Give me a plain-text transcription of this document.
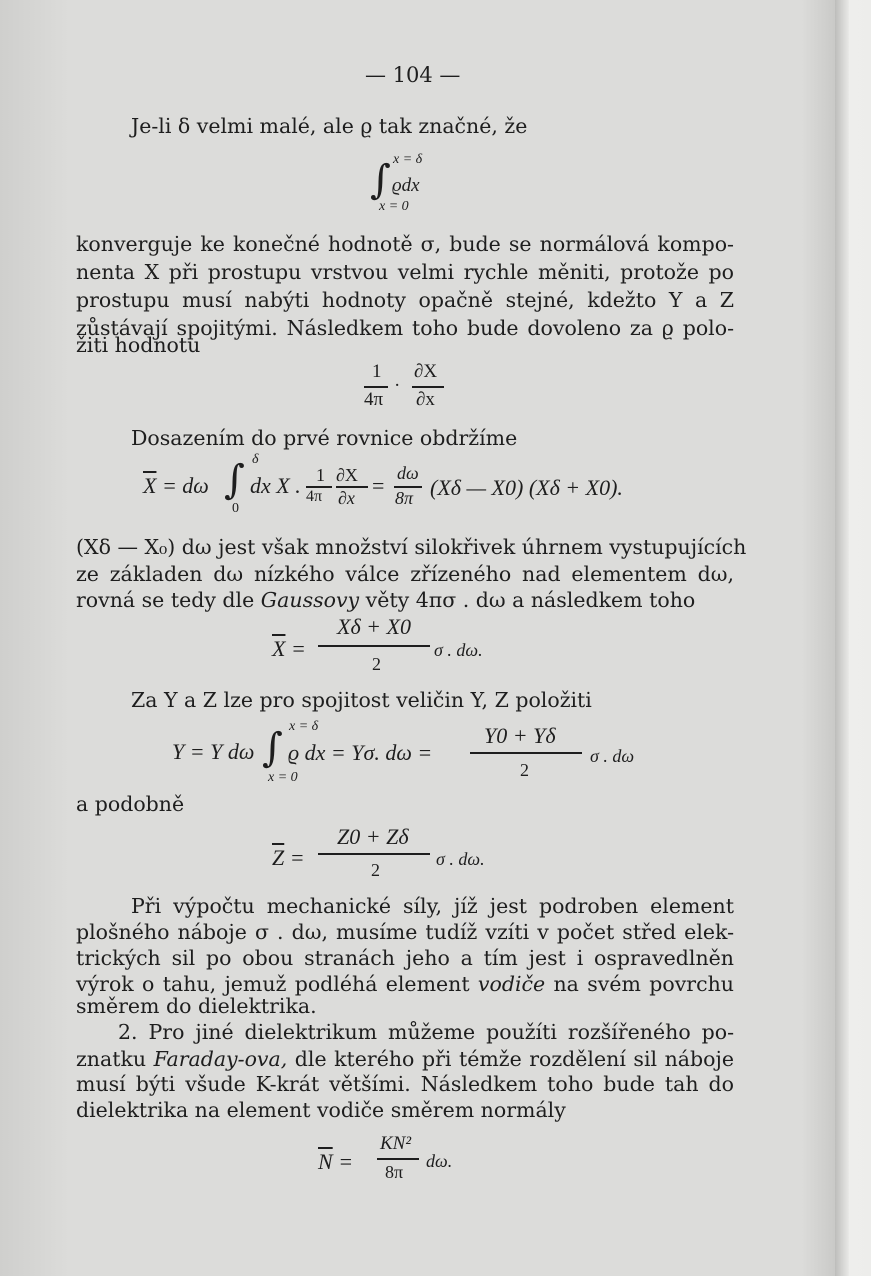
— 104 —
Je-li δ velmi malé, ale ϱ tak značné, že
∫ x = δ
ϱdx
x = 0
konverguje ke konečné hodnotě σ, bude se normálová kompo-
nenta X při prostupu vrstvou velmi rychle měniti, protože po
prostupu musí nabýti hodnoty opačně stejné, kdežto Y a Z
zůstávají spojitými. Následkem toho bude dovoleno za ϱ polo-
žiti hodnotu
1
4π
·
∂X
∂x
Dosazením do prvé rovnice obdržíme
$\overline{X} = d\omega$ ∫ δ
0
dx X . 1
4π
∂X
∂x = dω
8π (Xδ — X0) (Xδ + X0).
(Xδ — X₀) dω jest však množství silokřivek úhrnem vystupujících
ze základen dω nízkého válce zřízeného nad elementem dω,
rovná se tedy dle Gaussovy věty 4πσ . dω a následkem toho
$\overline{X}$ =
Xδ + X0
2
σ . dω.
Za Y a Z lze pro spojitost veličin Y, Z položiti
Y = Y dω ∫ x = δ
x = 0
ϱ dx = Yσ. dω =
Y0 + Yδ
2
σ . dω
a podobně
$\overline{Z}$ =
Z0 + Zδ
2
σ . dω.
Při výpočtu mechanické síly, jíž jest podroben element
plošného náboje σ . dω, musíme tudíž vzíti v počet střed elek-
trických sil po obou stranách jeho a tím jest i ospravedlněn
výrok o tahu, jemuž podléhá element vodiče na svém povrchu
směrem do dielektrika.
2. Pro jiné dielektrikum můžeme použíti rozšířeného po-
znatku Faraday-ova, dle kterého při témže rozdělení sil náboje
musí býti všude K-krát většími. Následkem toho bude tah do
dielektrika na element vodiče směrem normály
$\overline{N}$ =
KN²
8π
dω.
